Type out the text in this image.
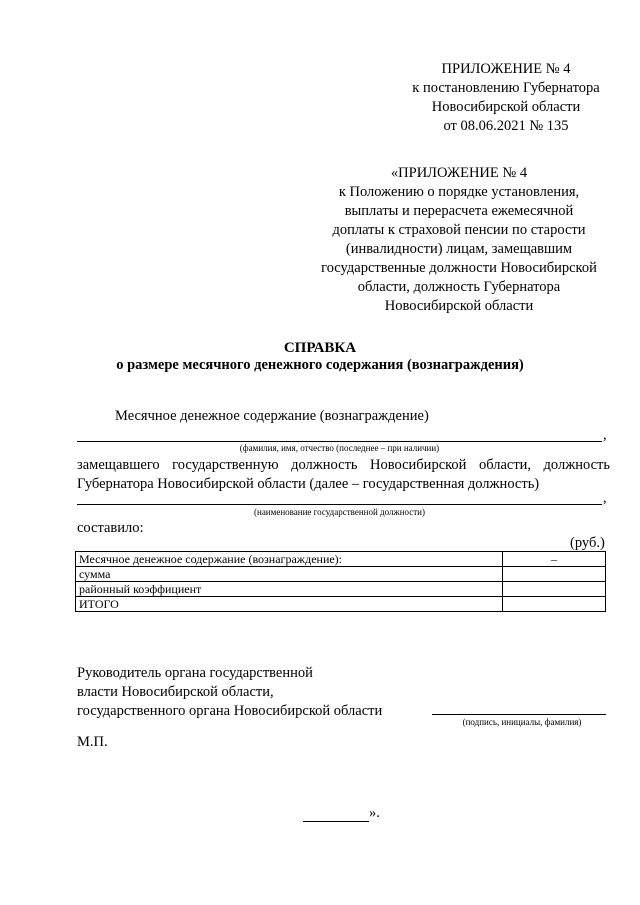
ПРИЛОЖЕНИЕ № 4
к постановлению Губернатора
Новосибирской области
от 08.06.2021 № 135
«ПРИЛОЖЕНИЕ № 4
к Положению о порядке установления,
выплаты и перерасчета ежемесячной
доплаты к страховой пенсии по старости
(инвалидности) лицам, замещавшим
государственные должности Новосибирской
области, должность Губернатора
Новосибирской области
СПРАВКА
о размере месячного денежного содержания (вознаграждения)
Месячное денежное содержание (вознаграждение)
,
(фамилия, имя, отчество (последнее – при наличии)
замещавшего государственную должность Новосибирской области, должность
Губернатора Новосибирской области (далее – государственная должность)
,
(наименование государственной должности)
составило:
(руб.)
Месячное денежное содержание (вознаграждение):	–
сумма	
районный коэффициент	
ИТОГО	
Руководитель органа государственной
власти Новосибирской области,
государственного органа Новосибирской области
(подпись, инициалы, фамилия)
М.П.
».
